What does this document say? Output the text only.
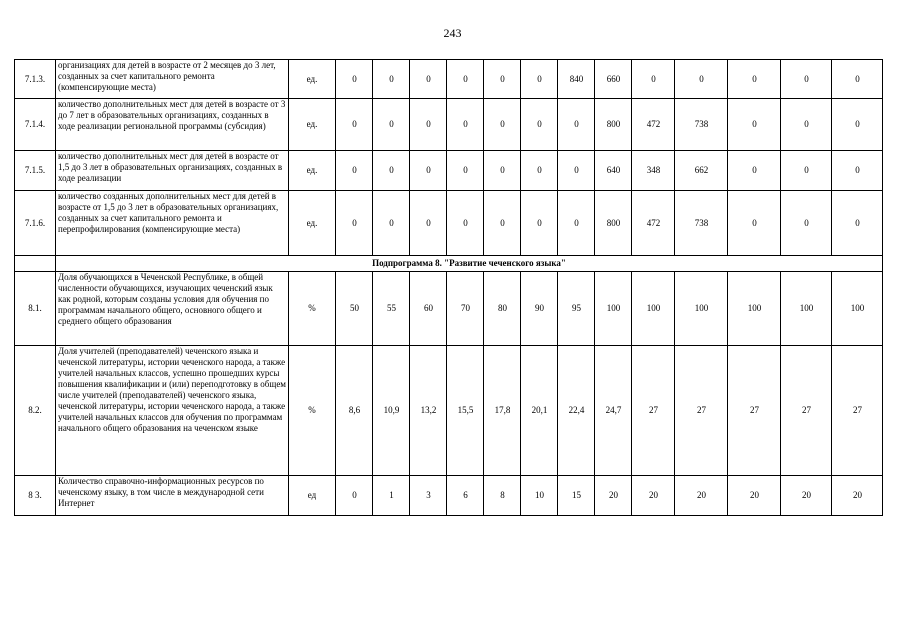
243
7.1.3.	организациях для детей в возрасте от 2 месяцев до 3 лет, созданных за счет капитального ремонта (компенсирующие места)	ед.	0	0	0	0	0	0	840	660	0	0	0	0	0
7.1.4.	количество дополнительных мест для детей в возрасте от 3 до 7 лет в образовательных организациях, созданных в ходе реализации региональной программы (субсидия)	ед.	0	0	0	0	0	0	0	800	472	738	0	0	0
7.1.5.	количество дополнительных мест для детей в возрасте от 1,5 до 3 лет в образовательных организациях, созданных в ходе реализации	ед.	0	0	0	0	0	0	0	640	348	662	0	0	0
7.1.6.	количество созданных дополнительных мест для детей в возрасте от 1,5 до 3 лет в образовательных организациях, созданных за счет капитального ремонта и перепрофилирования (компенсирующие места)	ед.	0	0	0	0	0	0	0	800	472	738	0	0	0
	Подпрограмма 8. "Развитие чеченского языка"														
8.1.	Доля обучающихся в Чеченской Республике, в общей численности обучающихся, изучающих чеченский язык как родной, которым созданы условия для обучения по программам начального общего, основного общего и среднего общего образования	%	50	55	60	70	80	90	95	100	100	100	100	100	100
8.2.	Доля учителей (преподавателей) чеченского языка и чеченской литературы, истории чеченского народа, а также учителей начальных классов, успешно прошедших курсы повышения квалификации и (или) переподготовку в общем числе учителей (преподавателей) чеченского языка, чеченской литературы, истории чеченского народа, а также учителей начальных классов для обучения по программам начального общего образования на чеченском языке	%	8,6	10,9	13,2	15,5	17,8	20,1	22,4	24,7	27	27	27	27	27
8 3.	Количество справочно-информационных ресурсов по чеченскому языку, в том числе в международной сети Интернет	ед	0	1	3	6	8	10	15	20	20	20	20	20	20
